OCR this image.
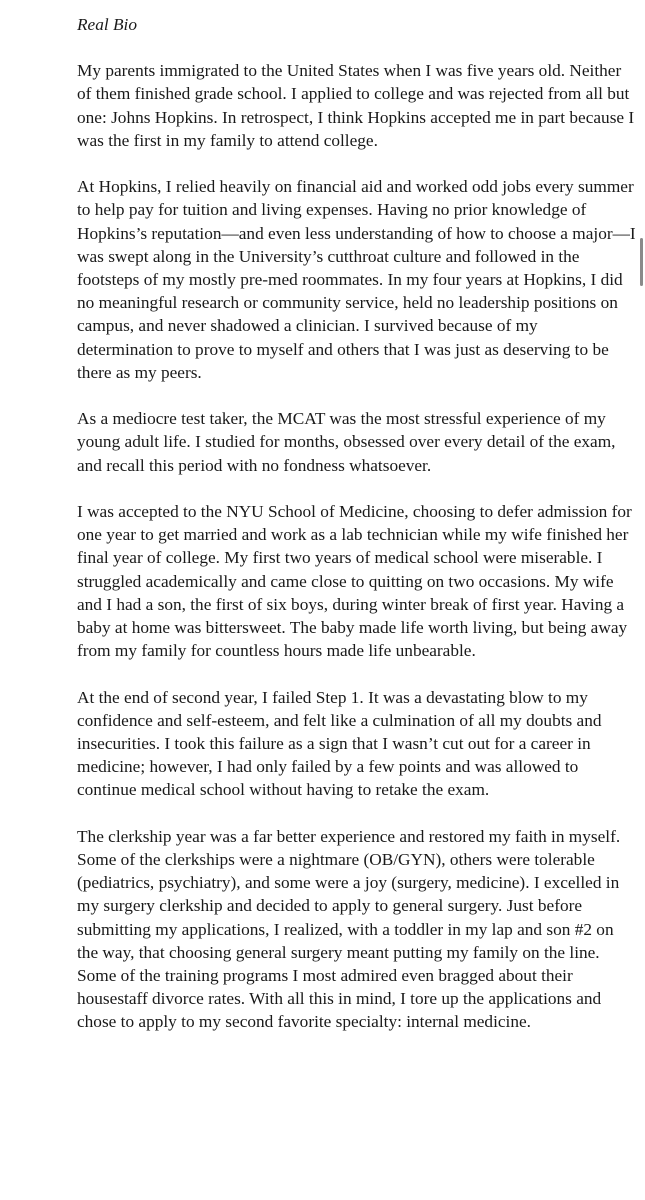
Real Bio

My parents immigrated to the United States when I was five years old. Neither of them finished grade school. I applied to college and was rejected from all but one: Johns Hopkins. In retrospect, I think Hopkins accepted me in part because I was the first in my family to attend college.

At Hopkins, I relied heavily on financial aid and worked odd jobs every summer to help pay for tuition and living expenses. Having no prior knowledge of Hopkins’s reputation—and even less understanding of how to choose a major—I was swept along in the University’s cutthroat culture and followed in the footsteps of my mostly pre-med roommates. In my four years at Hopkins, I did no meaningful research or community service, held no leadership positions on campus, and never shadowed a clinician. I survived because of my determination to prove to myself and others that I was just as deserving to be there as my peers.

As a mediocre test taker, the MCAT was the most stressful experience of my young adult life. I studied for months, obsessed over every detail of the exam, and recall this period with no fondness whatsoever.

I was accepted to the NYU School of Medicine, choosing to defer admission for one year to get married and work as a lab technician while my wife finished her final year of college. My first two years of medical school were miserable. I struggled academically and came close to quitting on two occasions. My wife and I had a son, the first of six boys, during winter break of first year. Having a baby at home was bittersweet. The baby made life worth living, but being away from my family for countless hours made life unbearable.

At the end of second year, I failed Step 1. It was a devastating blow to my confidence and self-esteem, and felt like a culmination of all my doubts and insecurities. I took this failure as a sign that I wasn’t cut out for a career in medicine; however, I had only failed by a few points and was allowed to continue medical school without having to retake the exam.

The clerkship year was a far better experience and restored my faith in myself. Some of the clerkships were a nightmare (OB/GYN), others were tolerable (pediatrics, psychiatry), and some were a joy (surgery, medicine). I excelled in my surgery clerkship and decided to apply to general surgery. Just before submitting my applications, I realized, with a toddler in my lap and son #2 on the way, that choosing general surgery meant putting my family on the line. Some of the training programs I most admired even bragged about their housestaff divorce rates. With all this in mind, I tore up the applications and chose to apply to my second favorite specialty: internal medicine.
